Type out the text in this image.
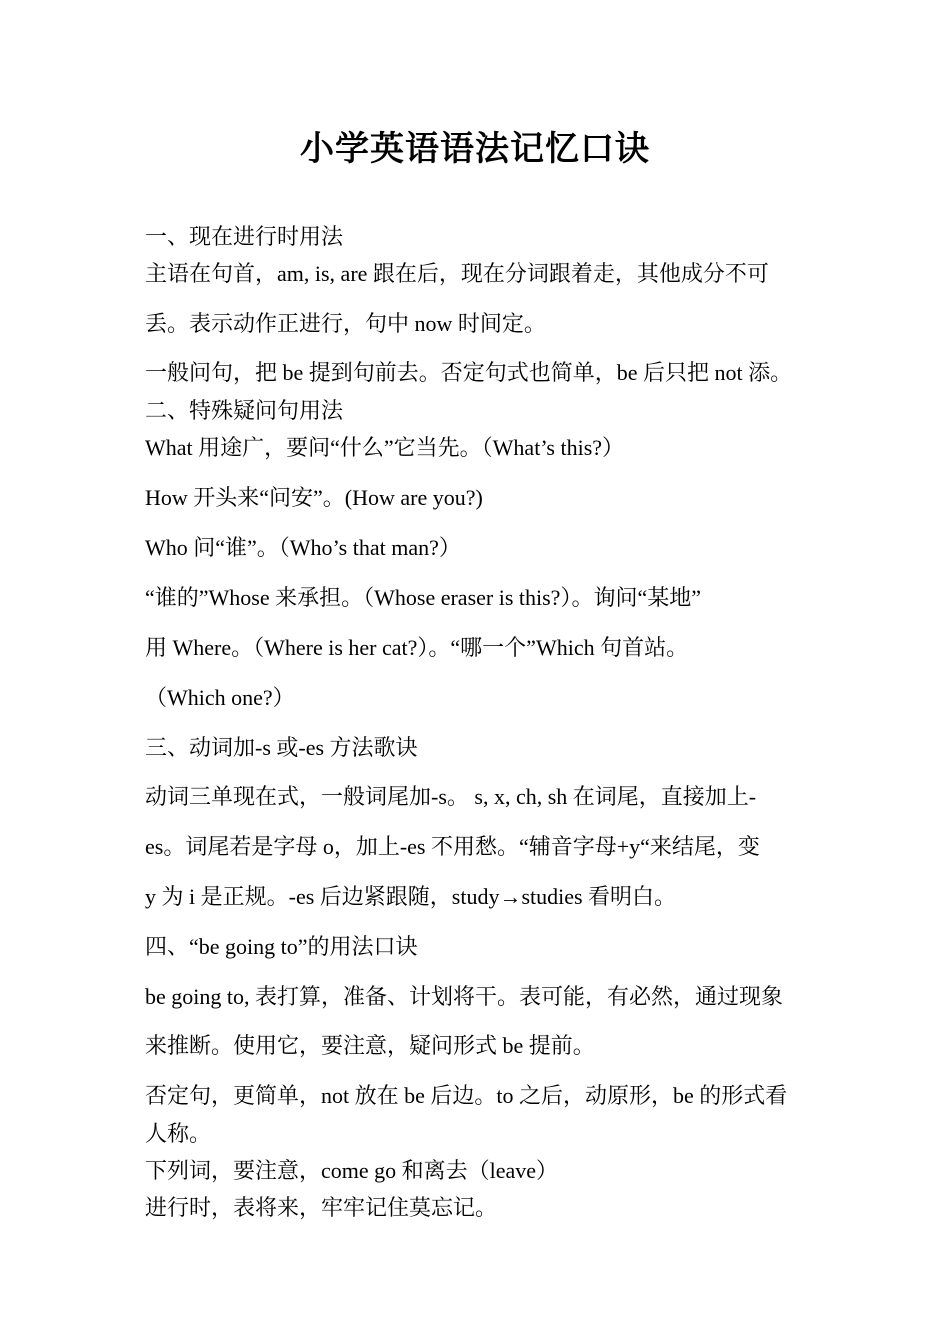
小学英语语法记忆口诀
一、现在进行时用法
主语在句首，am, is, are 跟在后，现在分词跟着走，其他成分不可
丢。表示动作正进行，句中 now 时间定。
一般问句，把 be 提到句前去。否定句式也简单，be 后只把 not 添。
二、特殊疑问句用法
What 用途广，要问“什么”它当先。（What’s this?）
How 开头来“问安”。(How are you?)
Who 问“谁”。（Who’s that man?）
“谁的”Whose 来承担。（Whose eraser is this?）。询问“某地”
用 Where。（Where is her cat?）。“哪一个”Which 句首站。
（Which one?）
三、动词加-s 或-es 方法歌诀
动词三单现在式，一般词尾加-s。 s, x, ch, sh 在词尾，直接加上-
es。词尾若是字母 o，加上-es 不用愁。“辅音字母+y“来结尾，变
y 为 i 是正规。-es 后边紧跟随，study→studies 看明白。
四、“be going to”的用法口诀
be going to, 表打算，准备、计划将干。表可能，有必然，通过现象
来推断。使用它，要注意，疑问形式 be 提前。
否定句，更简单，not 放在 be 后边。to 之后，动原形，be 的形式看
人称。
下列词，要注意，come go 和离去（leave）
进行时，表将来，牢牢记住莫忘记。
